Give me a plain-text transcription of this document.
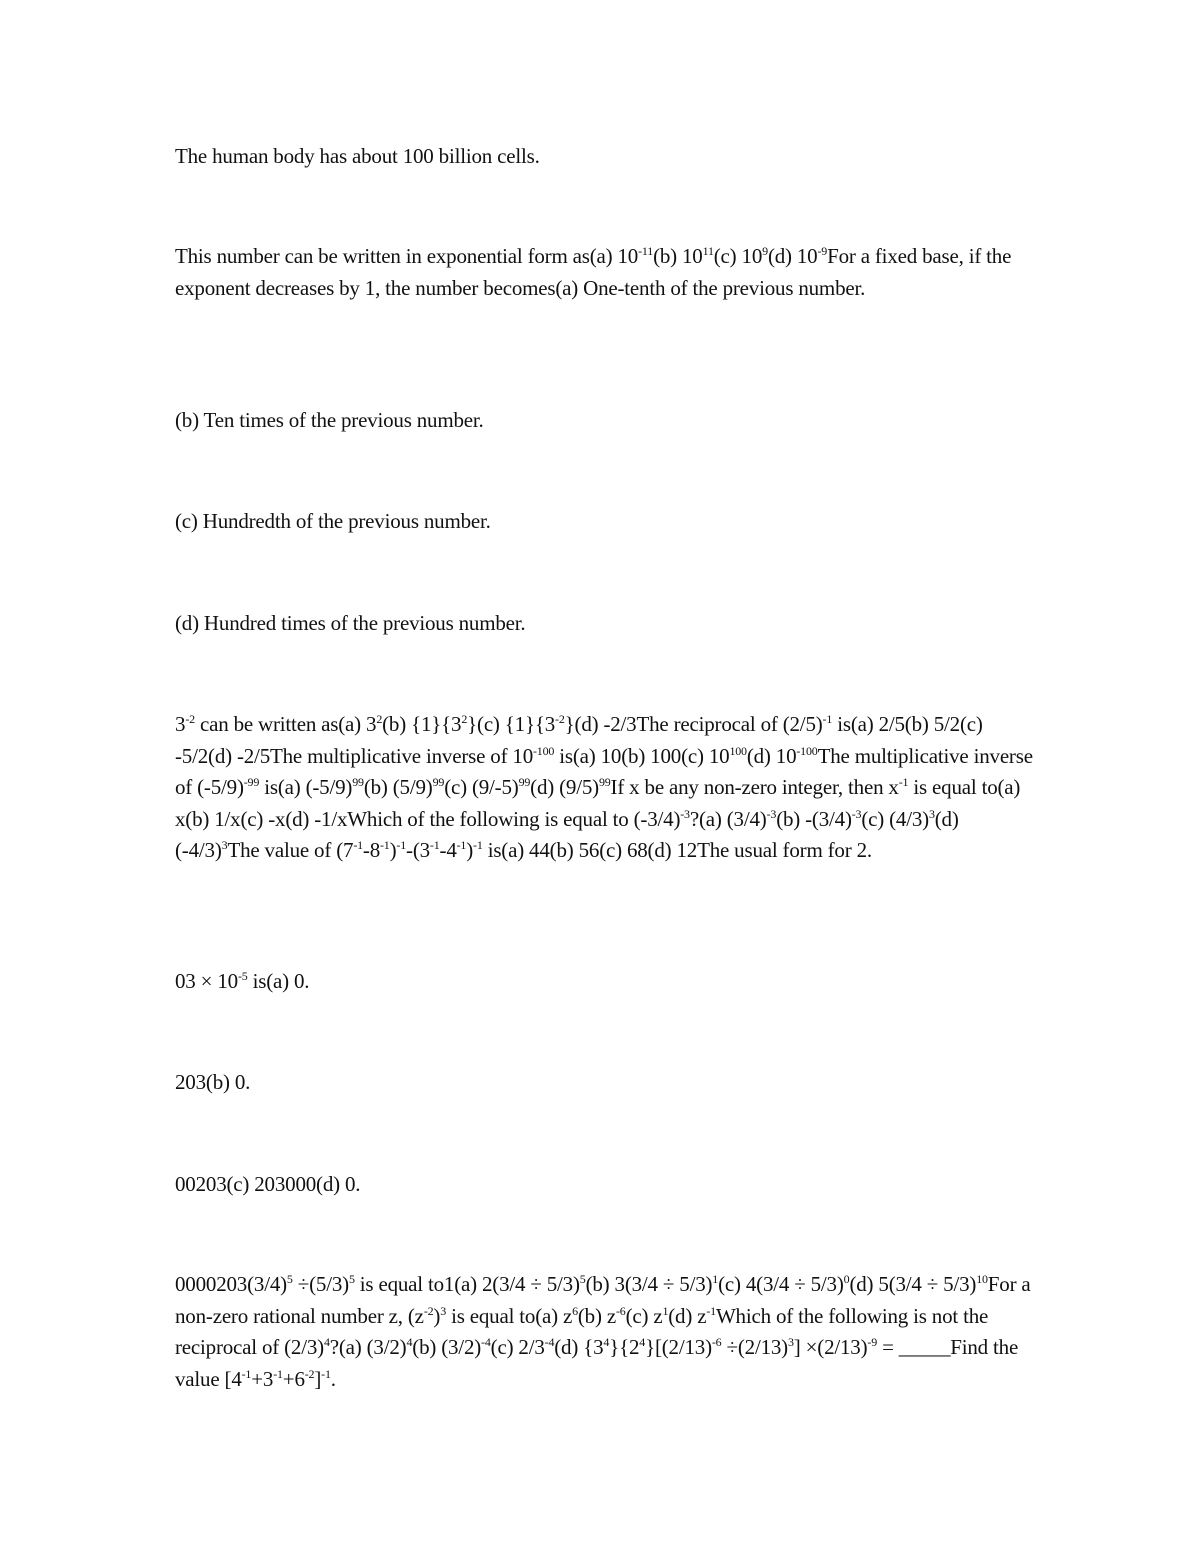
The human body has about 100 billion cells.

This number can be written in exponential form as(a) $10^{-11}(b)$ $10^{11}(c)$ $10^9(d)$ $10^{-9}For$ a fixed base, if the exponent decreases by 1, the number becomes(a) One-tenth of the previous number.

(b) Ten times of the previous number.

(c) Hundredth of the previous number.

(d) Hundred times of the previous number.

$3^{-2}$ can be written as(a) $3^2(b)$ $\{1\}\{3^2\}(c)$ $\{1\}\{3^{-2}\}(d)$ -2/3The reciprocal of $(2/5)^{-1}$ is(a) 2/5(b) 5/2(c) -5/2(d) -2/5The multiplicative inverse of $10^{-100}$ is(a) 10(b) 100(c) $10^{100}(d)$ $10^{-100}The$ multiplicative inverse of $(-5/9)^{-99}$ is(a) $(-5/9)^{99}(b)$ $(5/9)^{99}(c)$ $(9/-5)^{99}(d)$ $(9/5)^{99}If$ x be any non-zero integer, then $x^{-1}$ is equal to(a) x(b) 1/x(c) -x(d) -1/xWhich of the following is equal to $(-3/4)^{-3}?(a)$ $(3/4)^{-3}(b)$ $-(3/4)^{-3}(c)$ $(4/3)^3(d)$ $(-4/3)^3The$ value of $(7^{-1}-8^{-1})^{-1}-(3^{-1}-4^{-1})^{-1}$ is(a) 44(b) 56(c) 68(d) 12The usual form for 2.

$03 \times 10^{-5}$ is(a) 0.

203(b) 0.

00203(c) 203000(d) 0.

$0000203(3/4)^5 \div(5/3)^5$ is equal to1(a) $2(3/4 \div 5/3)^5(b)$ $3(3/4 \div 5/3)^1(c)$ $4(3/4 \div 5/3)^0(d)$ $5(3/4 \div 5/3)^{10}For$ a non-zero rational number z, $(z^{-2})^3$ is equal to(a) $z^6(b)$ $z^{-6}(c)$ $z^1(d)$ $z^{-1}Which$ of the following is not the reciprocal of $(2/3)^4?(a)$ $(3/2)^4(b)$ $(3/2)^{-4}(c)$ $2/3^{-4}(d)$ $\{3^4\}\{2^4\}[(2/13)^{-6} \div(2/13)^3] \times(2/13)^{-9}$ = _____Find the value $[4^{-1}+3^{-1}+6^{-2}]^{-1}$.
